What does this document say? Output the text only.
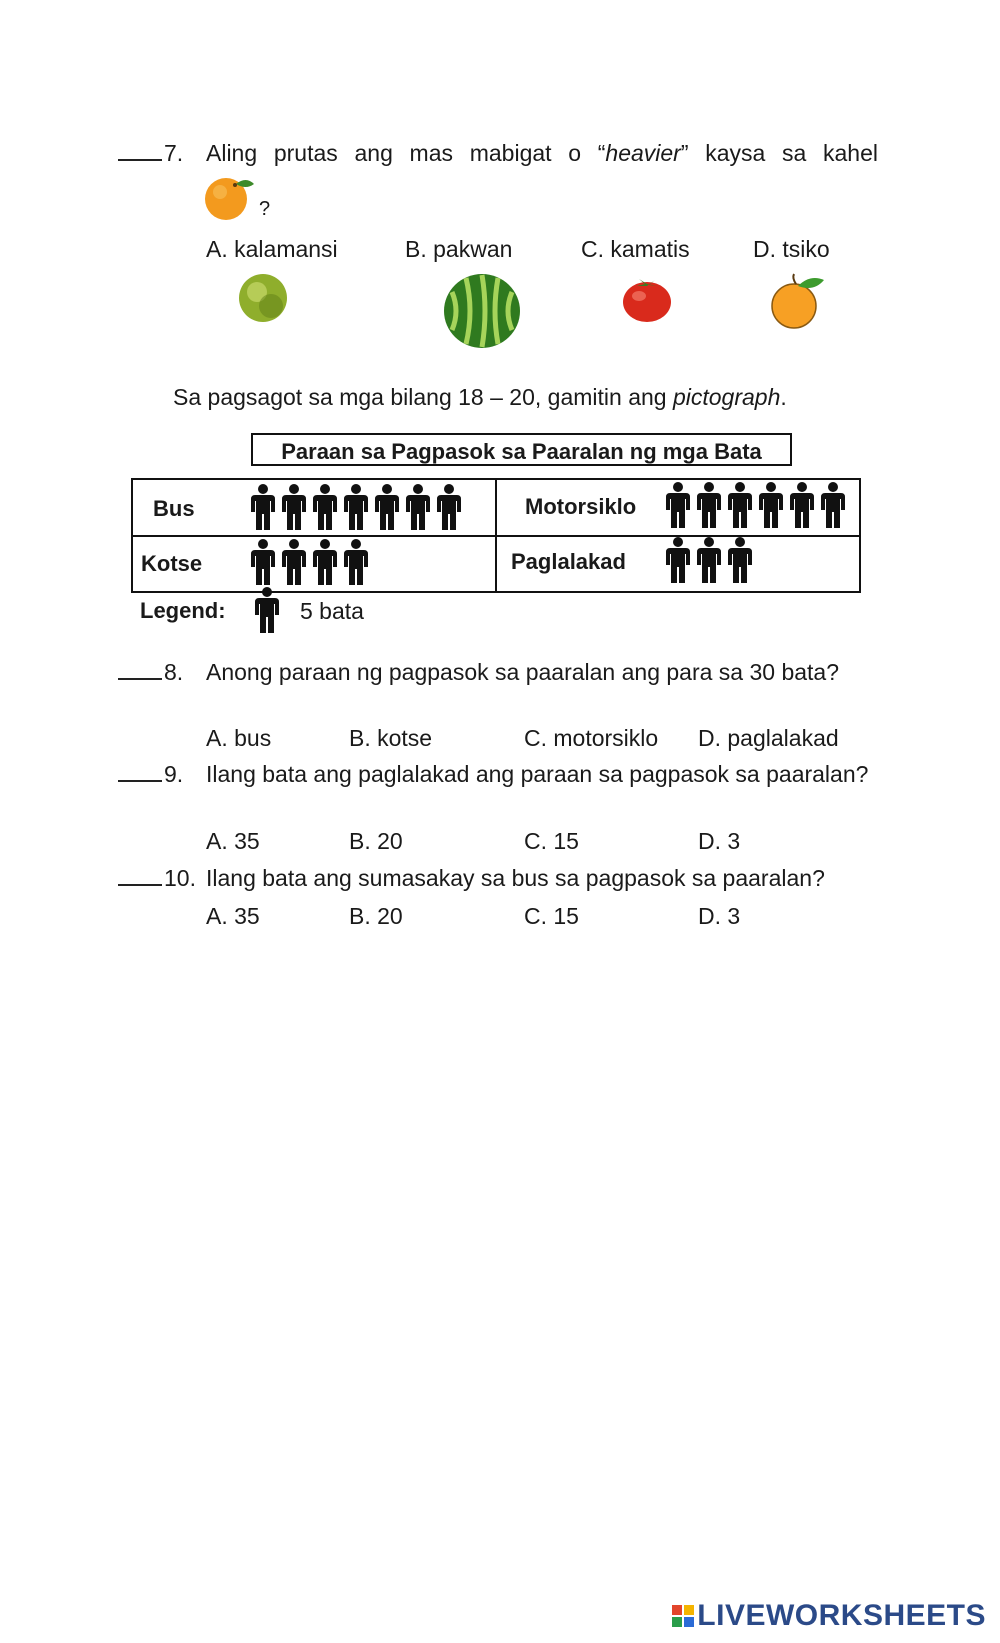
7. Aling prutas ang mas mabigat o “heavier” kaysa sa kahel
?
A. kalamansi	B. pakwan	C. kamatis	D. tsiko
Sa pagsagot sa mga bilang 18 – 20, gamitin ang pictograph.
Paraan sa Pagpasok sa Paaralan ng mga Bata
Bus	Motorsiklo
Kotse	Paglalakad
Legend:	5 bata
8. Anong paraan ng pagpasok sa paaralan ang para sa 30 bata?
A. bus	B. kotse	C. motorsiklo D. paglalakad
9. Ilang bata ang paglalakad ang paraan sa pagpasok sa paaralan?
A. 35	B. 20	C. 15	D. 3
10. Ilang bata ang sumasakay sa bus sa pagpasok sa paaralan?
A. 35	B. 20	C. 15	D. 3
LIVEWORKSHEETS
